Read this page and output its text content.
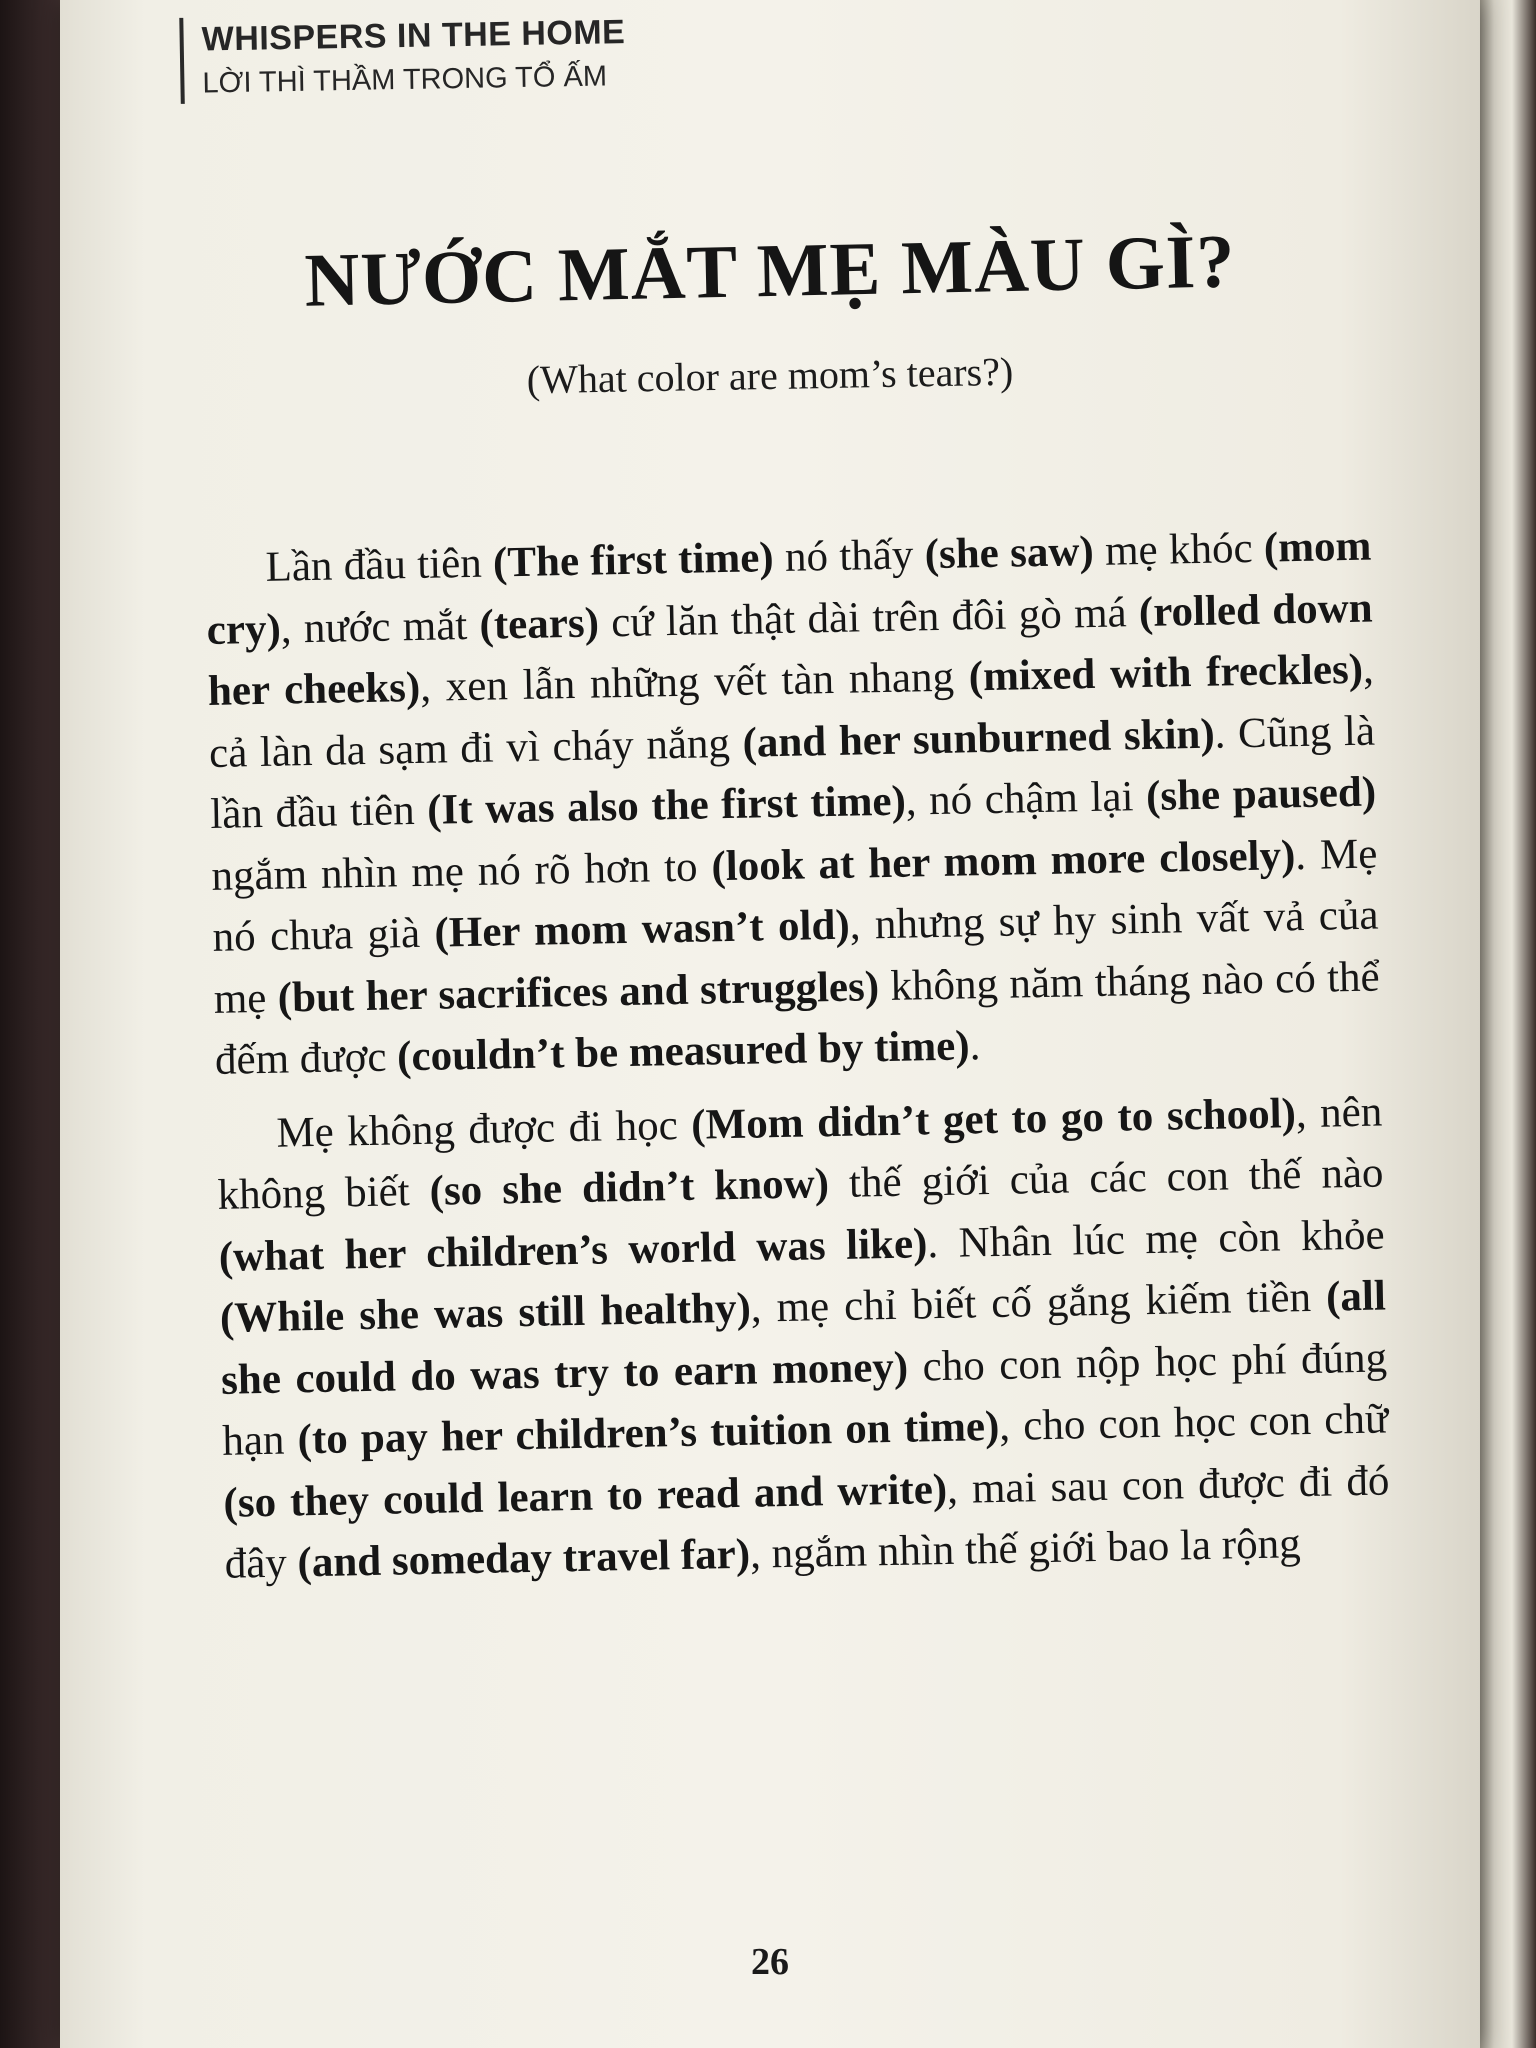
WHISPERS IN THE HOME
LỜI THÌ THẦM TRONG TỔ ẤM

NƯỚC MẮT MẸ MÀU GÌ?
(What color are mom’s tears?)

Lần đầu tiên (The first time) nó thấy (she saw) mẹ khóc (mom cry), nước mắt (tears) cứ lăn thật dài trên đôi gò má (rolled down her cheeks), xen lẫn những vết tàn nhang (mixed with freckles), cả làn da sạm đi vì cháy nắng (and her sunburned skin). Cũng là lần đầu tiên (It was also the first time), nó chậm lại (she paused) ngắm nhìn mẹ nó rõ hơn to (look at her mom more closely). Mẹ nó chưa già (Her mom wasn’t old), nhưng sự hy sinh vất vả của mẹ (but her sacrifices and struggles) không năm tháng nào có thể đếm được (couldn’t be measured by time).

Mẹ không được đi học (Mom didn’t get to go to school), nên không biết (so she didn’t know) thế giới của các con thế nào (what her children’s world was like). Nhân lúc mẹ còn khỏe (While she was still healthy), mẹ chỉ biết cố gắng kiếm tiền (all she could do was try to earn money) cho con nộp học phí đúng hạn (to pay her children’s tuition on time), cho con học con chữ (so they could learn to read and write), mai sau con được đi đó đây (and someday travel far), ngắm nhìn thế giới bao la rộng

26
